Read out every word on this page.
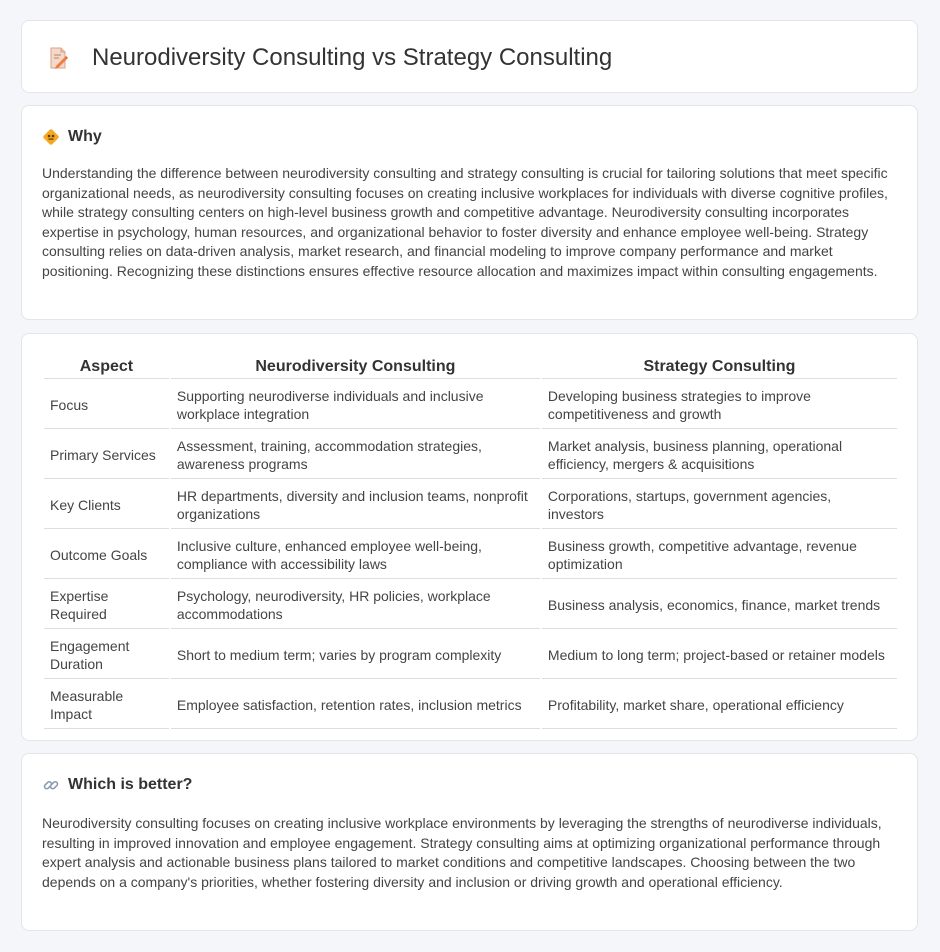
Neurodiversity Consulting vs Strategy Consulting
Why

Understanding the difference between neurodiversity consulting and strategy consulting is crucial for tailoring solutions that meet specific organizational needs, as neurodiversity consulting focuses on creating inclusive workplaces for individuals with diverse cognitive profiles, while strategy consulting centers on high-level business growth and competitive advantage. Neurodiversity consulting incorporates expertise in psychology, human resources, and organizational behavior to foster diversity and enhance employee well-being. Strategy consulting relies on data-driven analysis, market research, and financial modeling to improve company performance and market positioning. Recognizing these distinctions ensures effective resource allocation and maximizes impact within consulting engagements.

Aspect	Neurodiversity Consulting	Strategy Consulting
Focus	Supporting neurodiverse individuals and inclusive workplace integration	Developing business strategies to improve competitiveness and growth
Primary Services	Assessment, training, accommodation strategies, awareness programs	Market analysis, business planning, operational efficiency, mergers & acquisitions
Key Clients	HR departments, diversity and inclusion teams, nonprofit organizations	Corporations, startups, government agencies, investors
Outcome Goals	Inclusive culture, enhanced employee well-being, compliance with accessibility laws	Business growth, competitive advantage, revenue optimization
Expertise Required	Psychology, neurodiversity, HR policies, workplace accommodations	Business analysis, economics, finance, market trends
Engagement Duration	Short to medium term; varies by program complexity	Medium to long term; project-based or retainer models
Measurable Impact	Employee satisfaction, retention rates, inclusion metrics	Profitability, market share, operational efficiency
Which is better?

Neurodiversity consulting focuses on creating inclusive workplace environments by leveraging the strengths of neurodiverse individuals, resulting in improved innovation and employee engagement. Strategy consulting aims at optimizing organizational performance through expert analysis and actionable business plans tailored to market conditions and competitive landscapes. Choosing between the two depends on a company's priorities, whether fostering diversity and inclusion or driving growth and operational efficiency.
